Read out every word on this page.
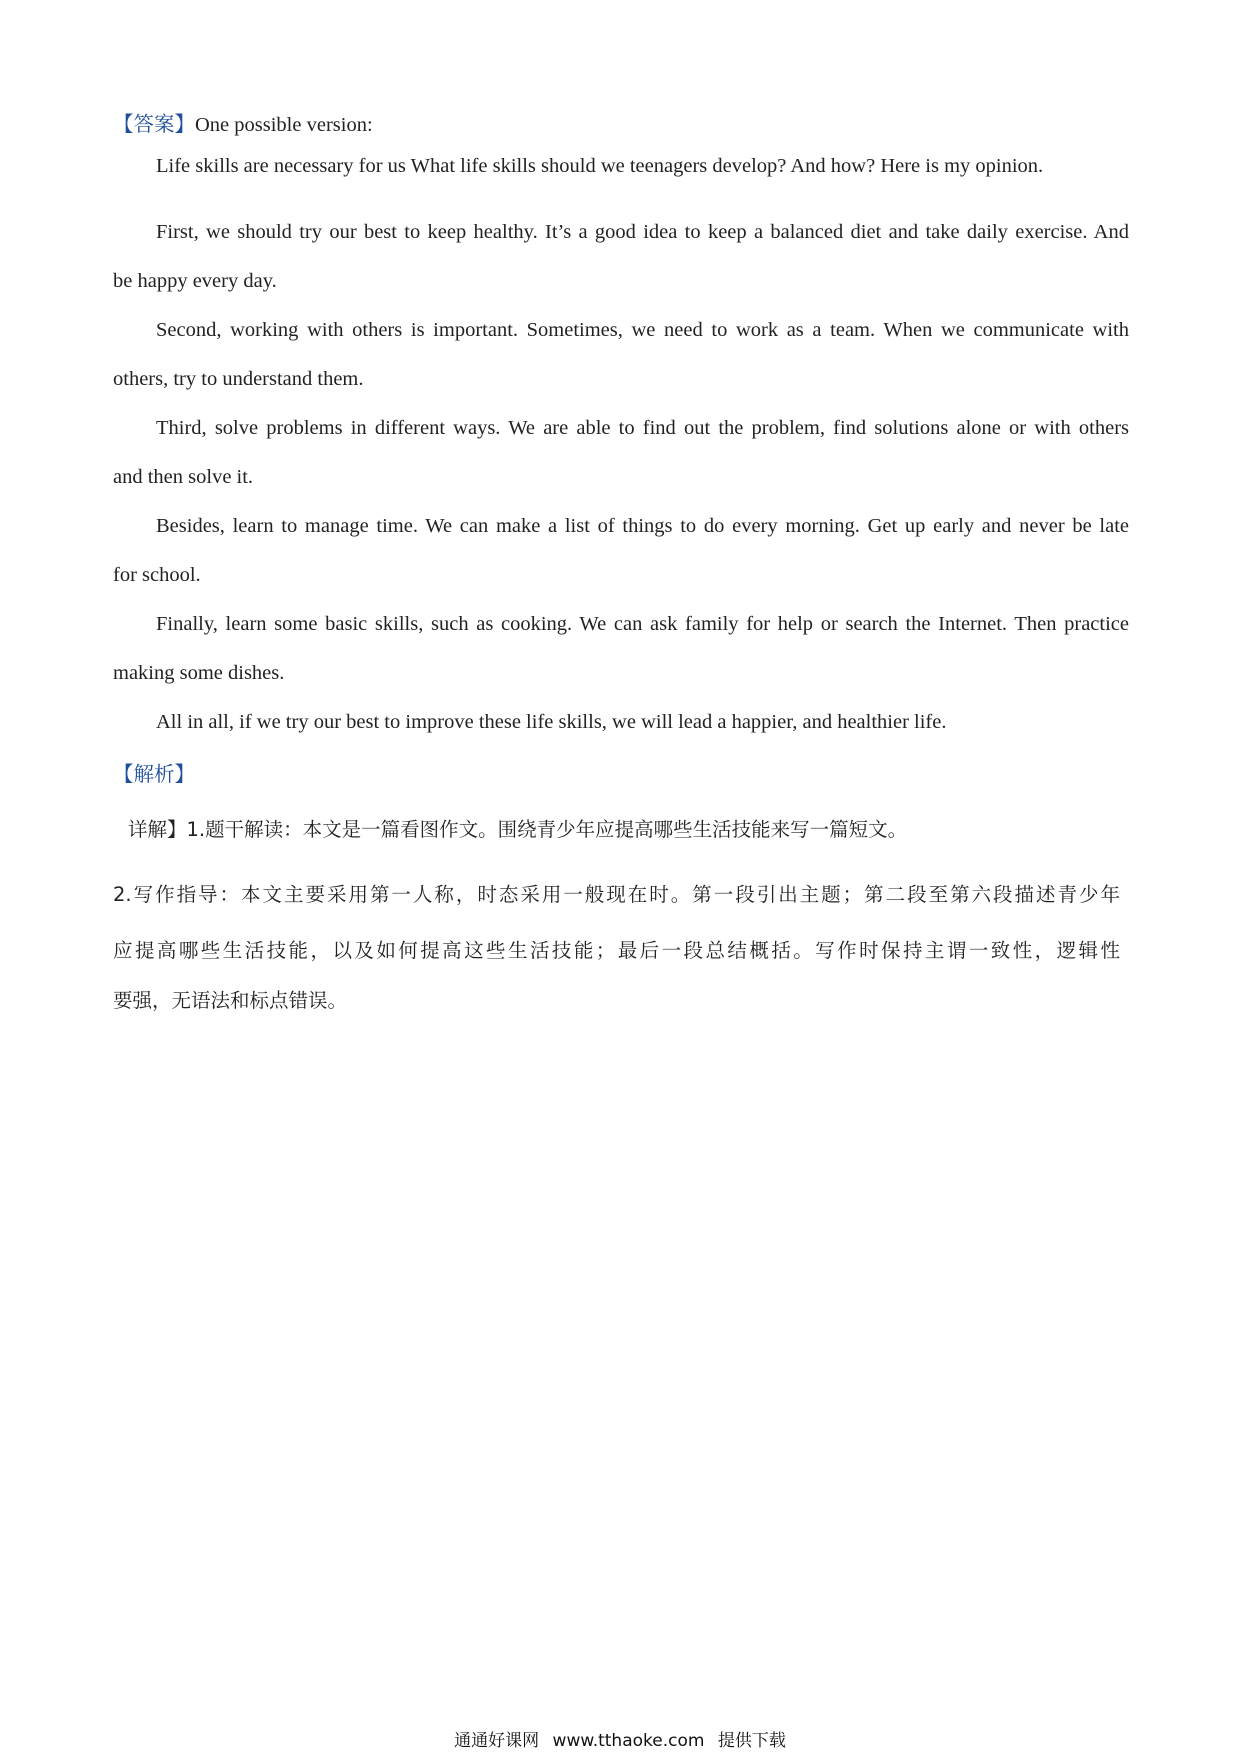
【答案】One possible version:
Life skills are necessary for us What life skills should we teenagers develop? And how? Here is my opinion.
First, we should try our best to keep healthy. It’s a good idea to keep a balanced diet and take daily exercise. And
be happy every day.
Second, working with others is important. Sometimes, we need to work as a team. When we communicate with
others, try to understand them.
Third, solve problems in different ways. We are able to find out the problem, find solutions alone or with others
and then solve it.
Besides, learn to manage time. We can make a list of things to do every morning. Get up early and never be late
for school.
Finally, learn some basic skills, such as cooking. We can ask family for help or search the Internet. Then practice
making some dishes.
All in all, if we try our best to improve these life skills, we will lead a happier, and healthier life.
【解析】
详解】1.题干解读：本文是一篇看图作文。围绕青少年应提高哪些生活技能来写一篇短文。
2.写作指导：本文主要采用第一人称，时态采用一般现在时。第一段引出主题；第二段至第六段描述青少年
应提高哪些生活技能，以及如何提高这些生活技能；最后一段总结概括。写作时保持主谓一致性，逻辑性
要强，无语法和标点错误。
通通好课网 www.tthaoke.com 提供下载
